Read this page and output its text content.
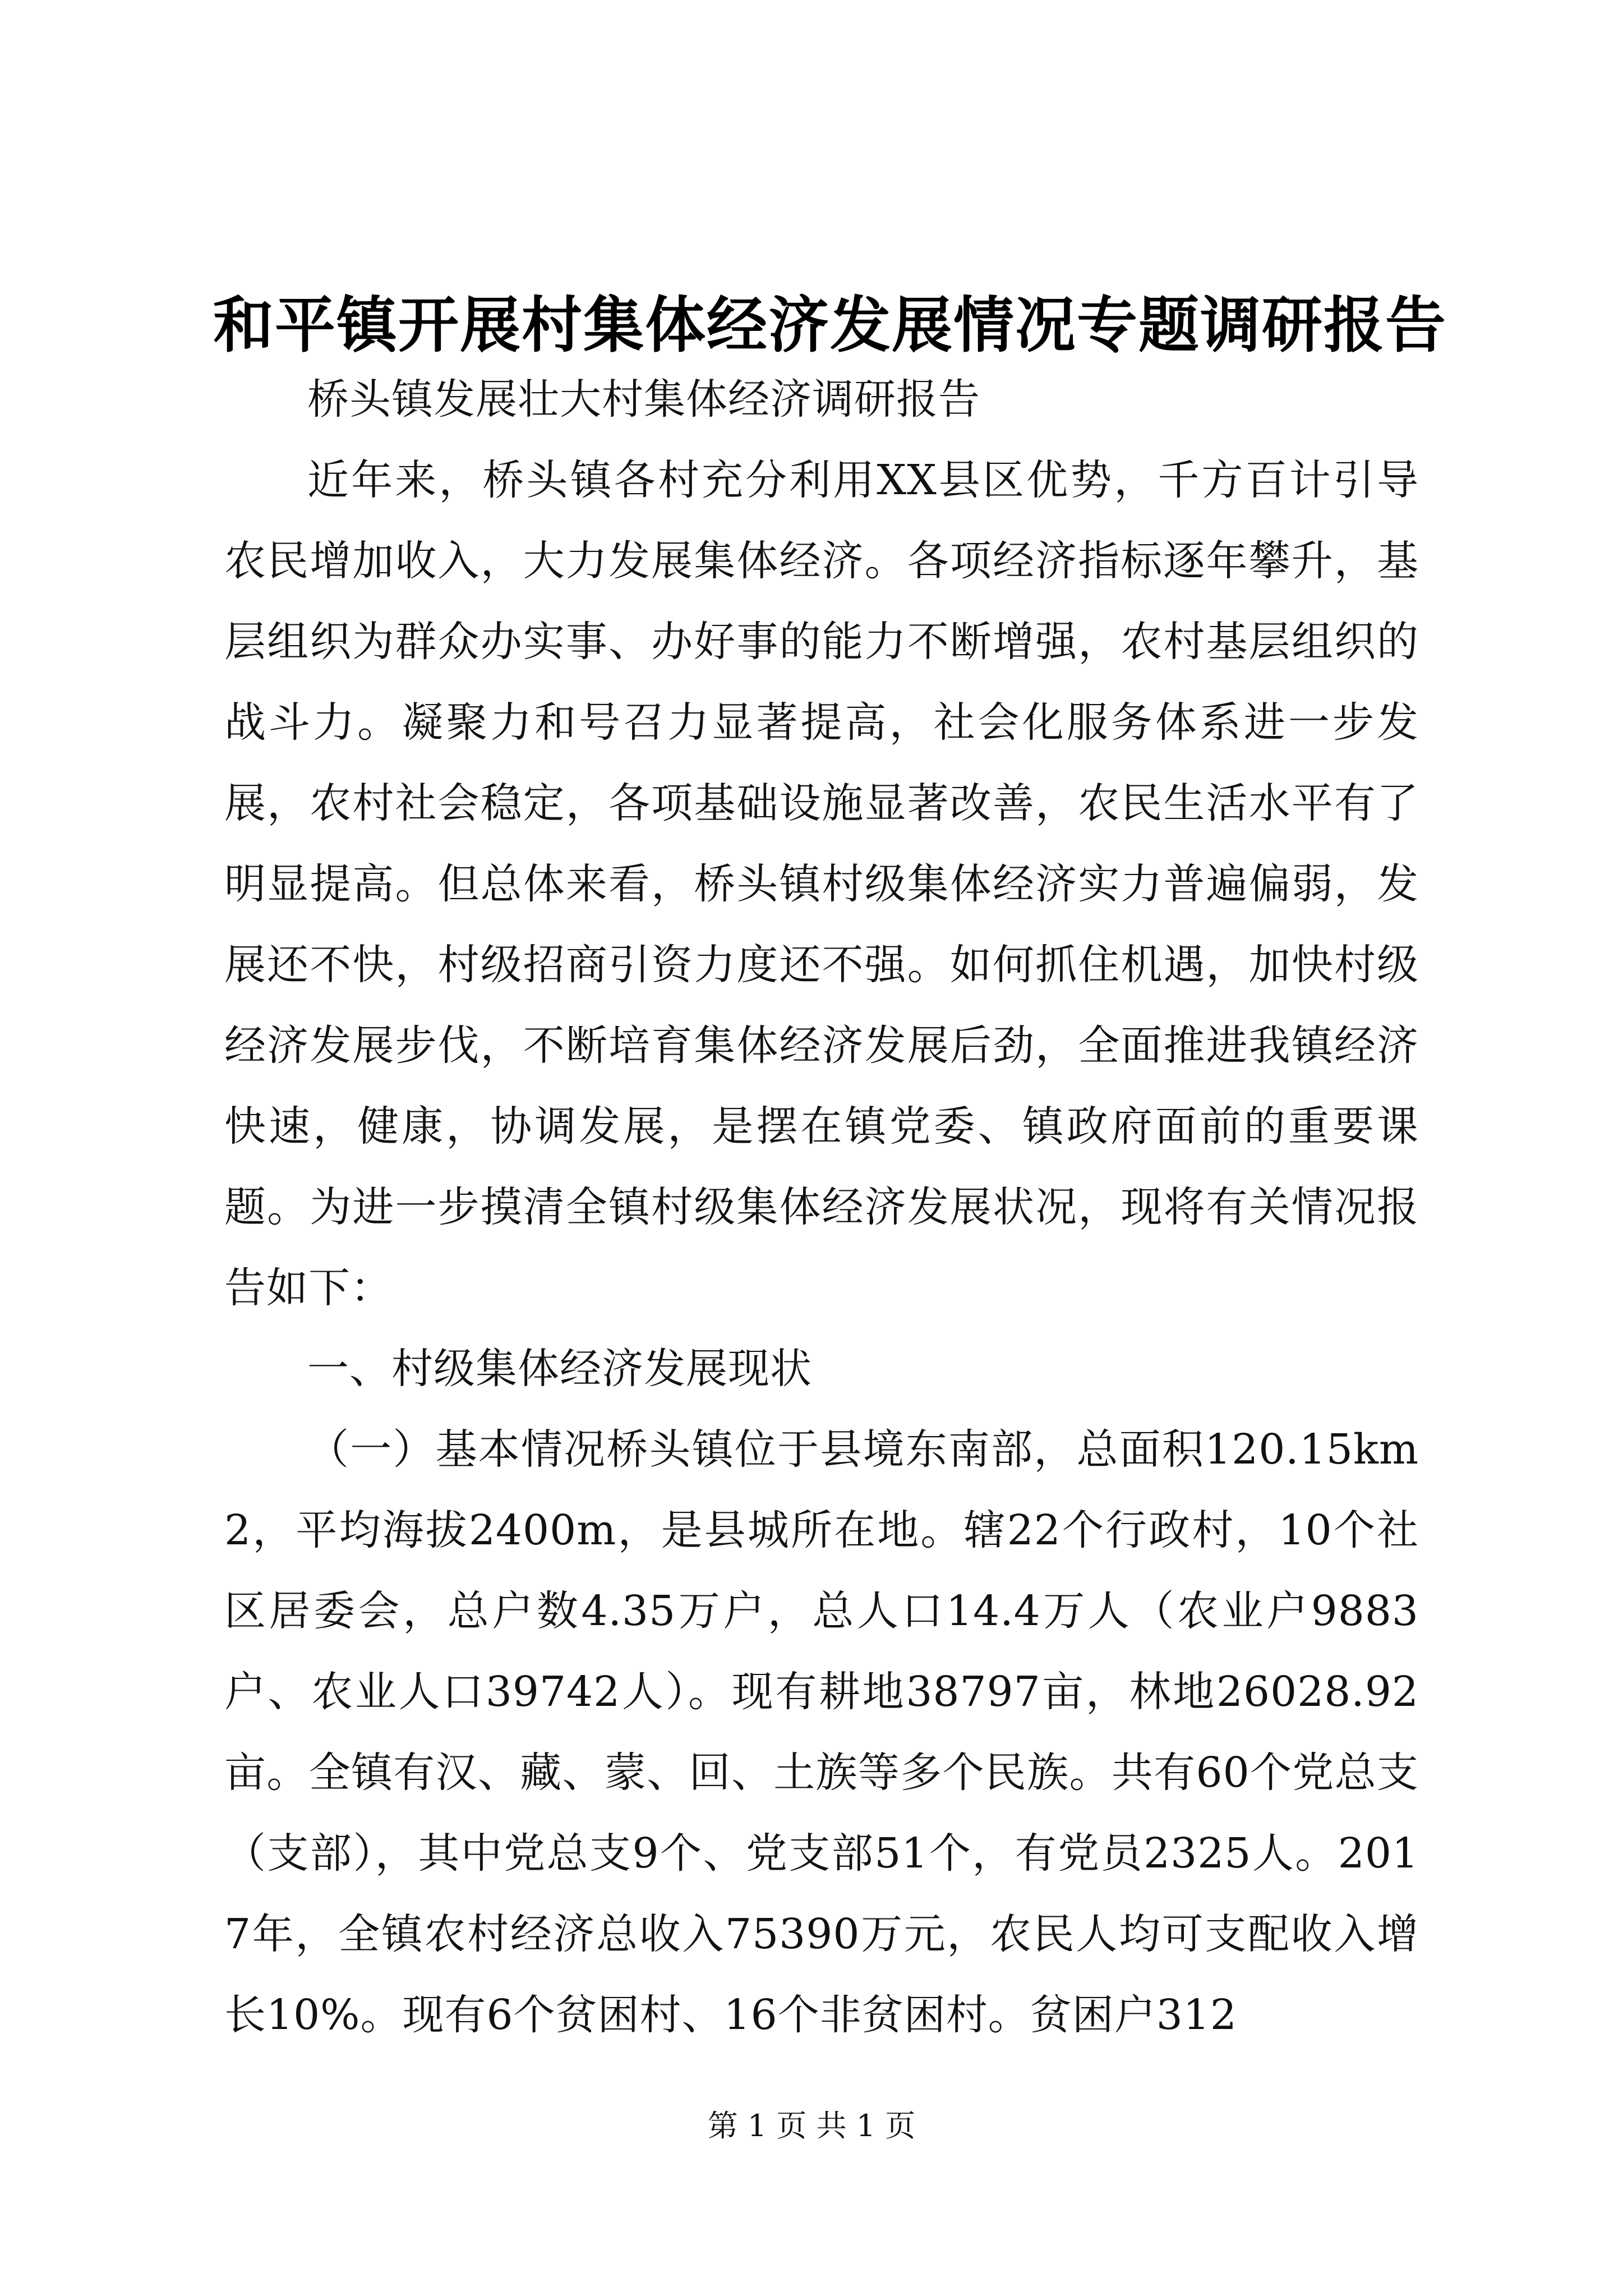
和平镇开展村集体经济发展情况专题调研报告

桥头镇发展壮大村集体经济调研报告

近年来，桥头镇各村充分利用XX县区优势，千方百计引导农民增加收入，大力发展集体经济。各项经济指标逐年攀升，基层组织为群众办实事、办好事的能力不断增强，农村基层组织的战斗力。凝聚力和号召力显著提高，社会化服务体系进一步发展，农村社会稳定，各项基础设施显著改善，农民生活水平有了明显提高。但总体来看，桥头镇村级集体经济实力普遍偏弱，发展还不快，村级招商引资力度还不强。如何抓住机遇，加快村级经济发展步伐，不断培育集体经济发展后劲，全面推进我镇经济快速，健康，协调发展，是摆在镇党委、镇政府面前的重要课题。为进一步摸清全镇村级集体经济发展状况，现将有关情况报告如下：

一、村级集体经济发展现状

（一）基本情况桥头镇位于县境东南部，总面积120.15km2，平均海拔2400m，是县城所在地。辖22个行政村，10个社区居委会，总户数4.35万户，总人口14.4万人（农业户9883户、农业人口39742人）。现有耕地38797亩，林地26028.92亩。全镇有汉、藏、蒙、回、土族等多个民族。共有60个党总支（支部），其中党总支9个、党支部51个，有党员2325人。2017年，全镇农村经济总收入75390万元，农民人均可支配收入增长10%。现有6个贫困村、16个非贫困村。贫困户312

第 1 页 共 1 页
